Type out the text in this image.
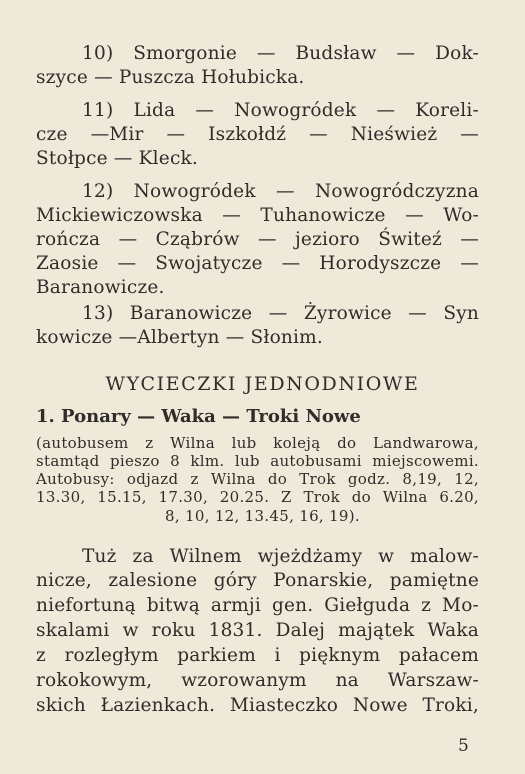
10) Smorgonie — Budsław — Dok-
szyce — Puszcza Hołubicka.
11) Lida — Nowogródek — Koreli-
cze —Mir — Iszkołdź — Nieśwież —
Stołpce — Kleck.
12) Nowogródek — Nowogródczyzna
Mickiewiczowska — Tuhanowicze — Wo-
rończa — Cząbrów — jezioro Świteź —
Zaosie — Swojatycze — Horodyszcze —
Baranowicze.
13) Baranowicze — Żyrowice — Syn
kowicze —Albertyn — Słonim.
WYCIECZKI JEDNODNIOWE
1. Ponary — Waka — Troki Nowe
(autobusem z Wilna lub koleją do Landwarowa,
stamtąd pieszo 8 klm. lub autobusami miejscowemi.
Autobusy: odjazd z Wilna do Trok godz. 8,19, 12,
13.30, 15.15, 17.30, 20.25. Z Trok do Wilna 6.20,
8, 10, 12, 13.45, 16, 19).
Tuż za Wilnem wjeżdżamy w malow-
nicze, zalesione góry Ponarskie, pamiętne
niefortuną bitwą armji gen. Giełguda z Mo-
skalami w roku 1831. Dalej majątek Waka
z rozległym parkiem i pięknym pałacem
rokokowym, wzorowanym na Warszaw-
skich Łazienkach. Miasteczko Nowe Troki,
5
